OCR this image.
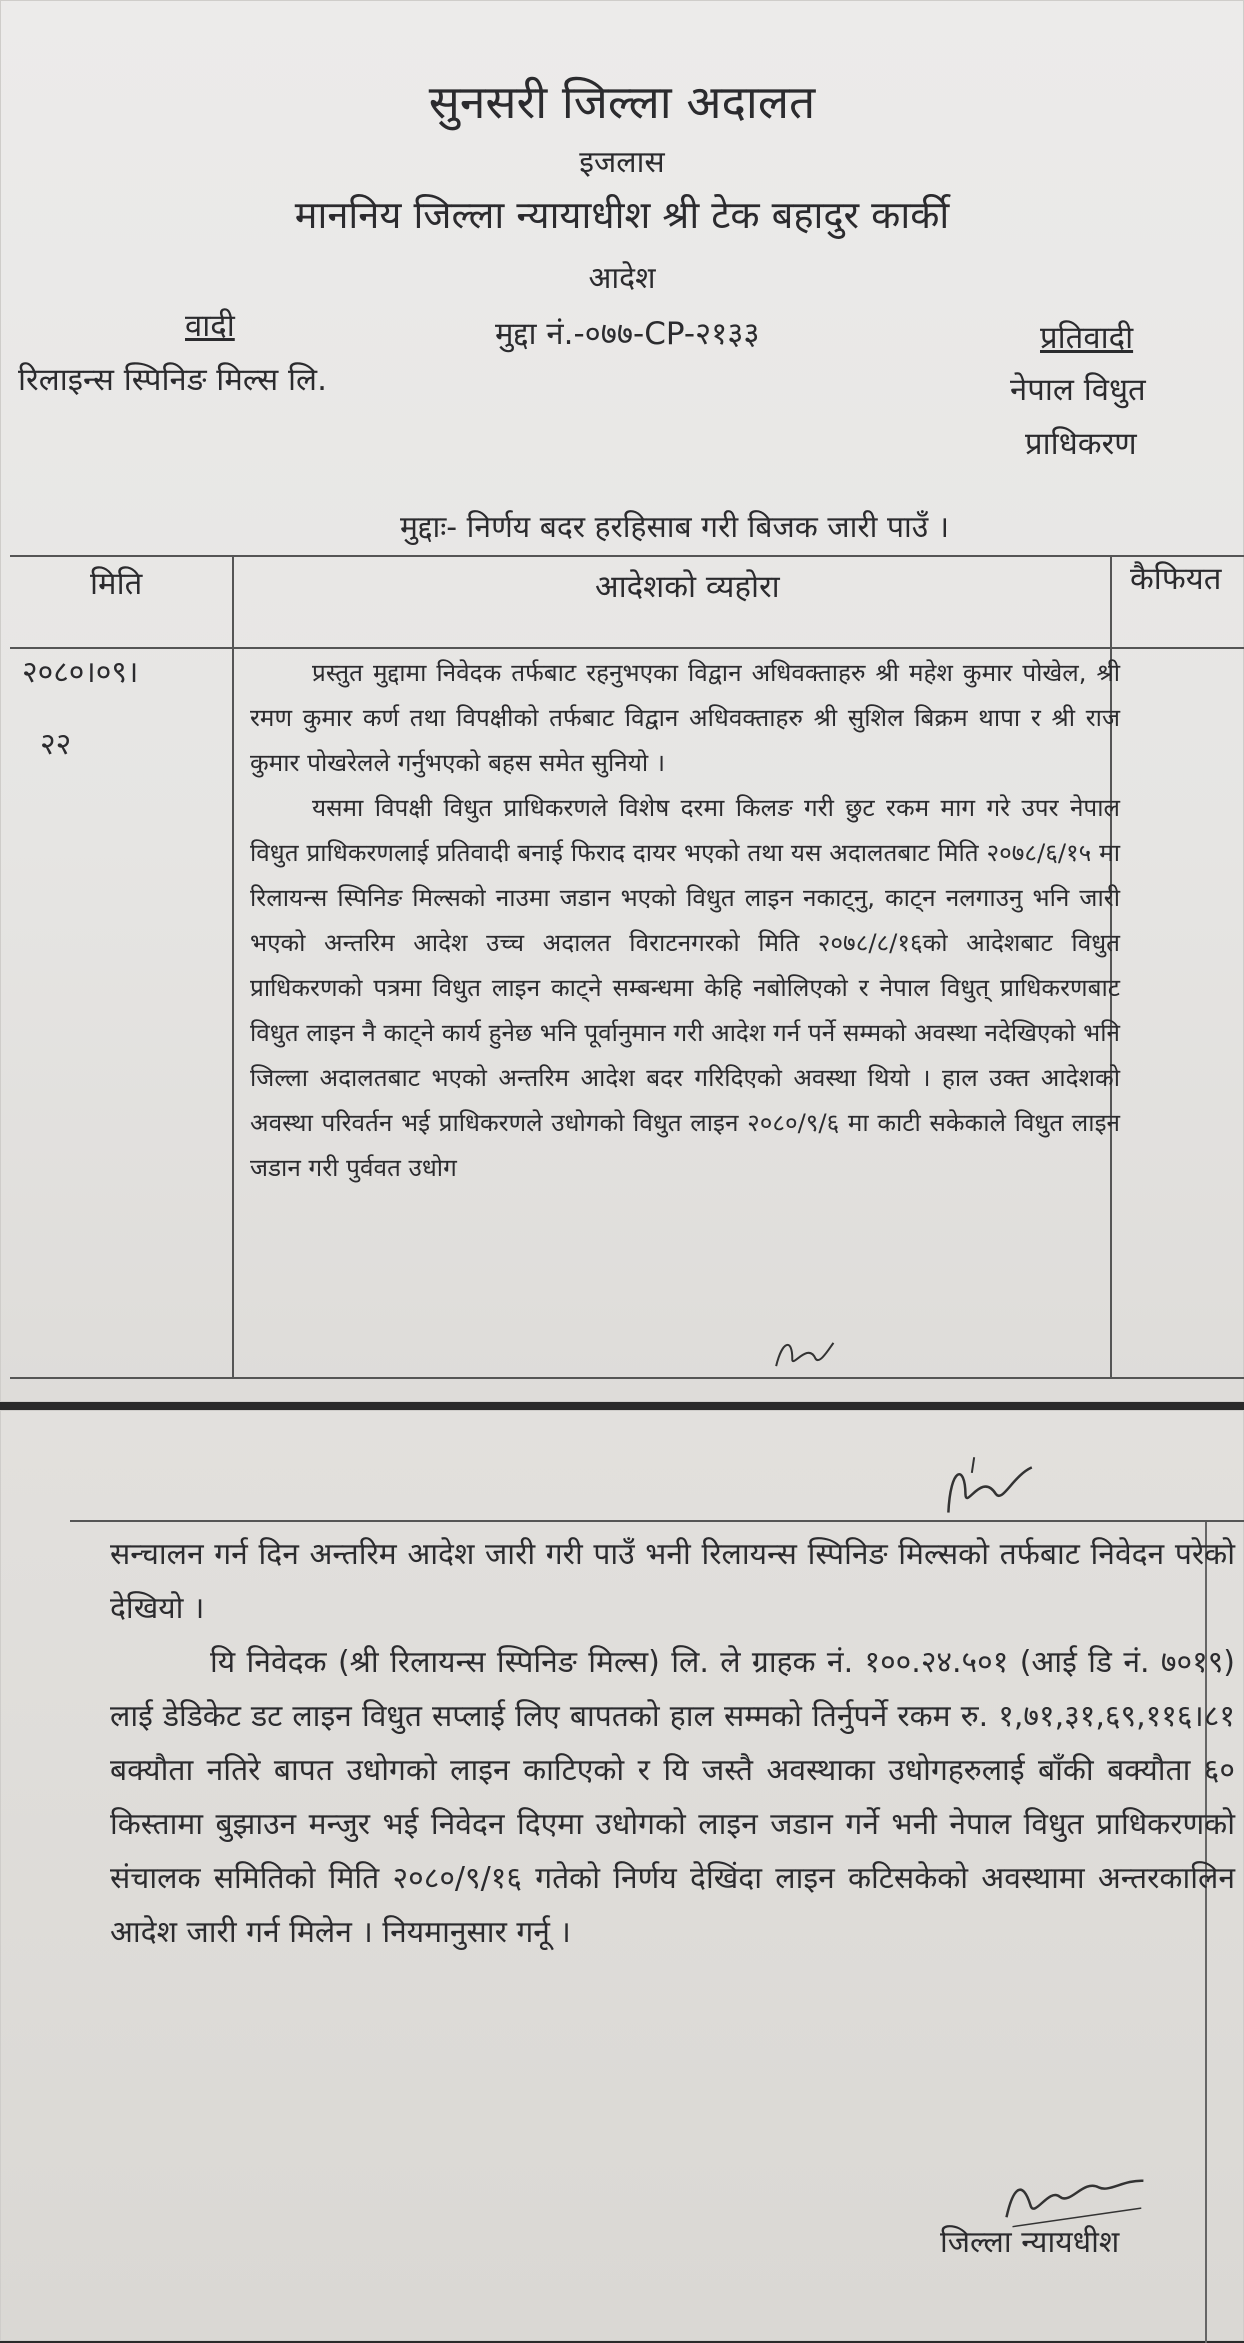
सुनसरी जिल्ला अदालत
इजलास
माननिय जिल्ला न्यायाधीश श्री टेक बहादुर कार्की
आदेश
वादी
रिलाइन्स स्पिनिङ मिल्स लि.
मुद्दा नं.-०७७-CP-२१३३	प्रतिवादी
नेपाल विधुत
प्राधिकरण
मुद्दाः- निर्णय बदर हरहिसाब गरी बिजक जारी पाउँ ।
मिति	आदेशको व्यहोरा	कैफियत
२०८०।०९।
२२

प्रस्तुत मुद्दामा निवेदक तर्फबाट रहनुभएका विद्वान अधिवक्ताहरु श्री महेश कुमार पोखेल, श्री रमण कुमार कर्ण तथा विपक्षीको तर्फबाट विद्वान अधिवक्ताहरु श्री सुशिल बिक्रम थापा र श्री राज कुमार पोखरेलले गर्नुभएको बहस समेत सुनियो ।

यसमा विपक्षी विधुत प्राधिकरणले विशेष दरमा किलङ गरी छुट रकम माग गरे उपर नेपाल विधुत प्राधिकरणलाई प्रतिवादी बनाई फिराद दायर भएको तथा यस अदालतबाट मिति २०७८/६/१५ मा रिलायन्स स्पिनिङ मिल्सको नाउमा जडान भएको विधुत लाइन नकाट्नु, काट्न नलगाउनु भनि जारी भएको अन्तरिम आदेश उच्च अदालत विराटनगरको मिति २०७८/८/१६को आदेशबाट विधुत प्राधिकरणको पत्रमा विधुत लाइन काट्ने सम्बन्धमा केहि नबोलिएको र नेपाल विधुत् प्राधिकरणबाट विधुत लाइन नै काट्ने कार्य हुनेछ भनि पूर्वानुमान गरी आदेश गर्न पर्ने सम्मको अवस्था नदेखिएको भनि जिल्ला अदालतबाट भएको अन्तरिम आदेश बदर गरिदिएको अवस्था थियो । हाल उक्त आदेशको अवस्था परिवर्तन भई प्राधिकरणले उधोगको विधुत लाइन २०८०/९/६ मा काटी सकेकाले विधुत लाइन जडान गरी पुर्ववत उधोग

सन्चालन गर्न दिन अन्तरिम आदेश जारी गरी पाउँ भनी रिलायन्स स्पिनिङ मिल्सको तर्फबाट निवेदन परेको देखियो ।

यि निवेदक (श्री रिलायन्स स्पिनिङ मिल्स) लि. ले ग्राहक नं. १००.२४.५०१ (आई डि नं. ७०१९) लाई डेडिकेट डट लाइन विधुत सप्लाई लिए बापतको हाल सम्मको तिर्नुपर्ने रकम रु. १,७१,३१,६९,११६।८१ बक्यौता नतिरे बापत उधोगको लाइन काटिएको र यि जस्तै अवस्थाका उधोगहरुलाई बाँकी बक्यौता ६० किस्तामा बुझाउन मन्जुर भई निवेदन दिएमा उधोगको लाइन जडान गर्ने भनी नेपाल विधुत प्राधिकरणको संचालक समितिको मिति २०८०/९/१६ गतेको निर्णय देखिंदा लाइन कटिसकेको अवस्थामा अन्तरकालिन आदेश जारी गर्न मिलेन । नियमानुसार गर्नू ।

जिल्ला न्यायधीश
